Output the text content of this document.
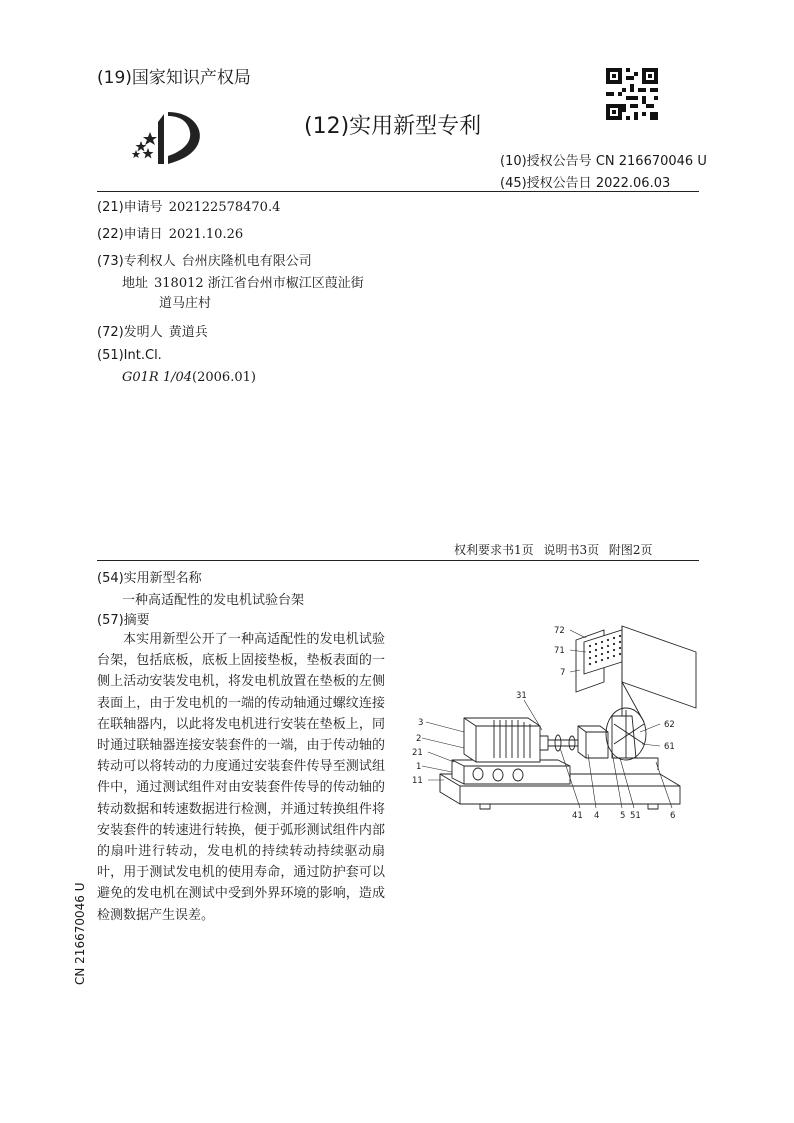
(19)国家知识产权局
(12)实用新型专利
(10)授权公告号 CN 216670046 U
(45)授权公告日 2022.06.03
(21)申请号 202122578470.4
(22)申请日 2021.10.26
(73)专利权人 台州庆隆机电有限公司
地址 318012 浙江省台州市椒江区葭沚街
道马庄村
(72)发明人 黄道兵
(51)Int.Cl.
G01R 1/04(2006.01)
权利要求书1页 说明书3页 附图2页
(54)实用新型名称
一种高适配性的发电机试验台架
(57)摘要
本实用新型公开了一种高适配性的发电机试验台架，包括底板，底板上固接垫板，垫板表面的一侧上活动安装发电机，将发电机放置在垫板的左侧表面上，由于发电机的一端的传动轴通过螺纹连接在联轴器内，以此将发电机进行安装在垫板上，同时通过联轴器连接安装套件的一端，由于传动轴的转动可以将转动的力度通过安装套件传导至测试组件中，通过测试组件对由安装套件传导的传动轴的转动数据和转速数据进行检测，并通过转换组件将安装套件的转速进行转换，便于弧形测试组件内部的扇叶进行转动，发电机的持续转动持续驱动扇叶，用于测试发电机的使用寿命，通过防护套可以避免的发电机在测试中受到外界环境的影响，造成检测数据产生误差。
CN 216670046 U
72
71
7
31
3
2
21
1
11
62
61
41 4 5 51	6
